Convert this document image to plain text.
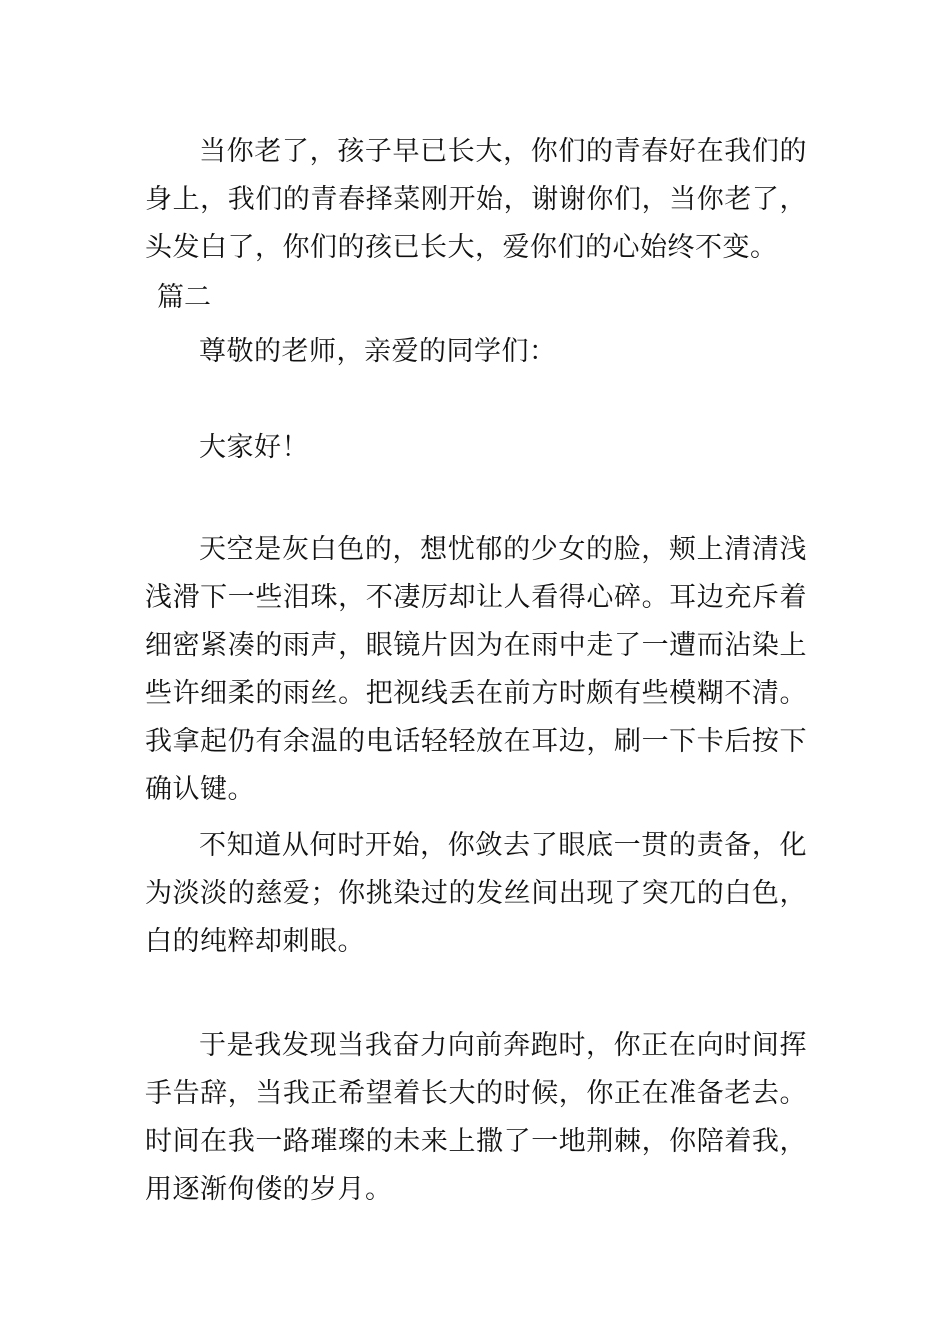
当你老了，孩子早已长大，你们的青春好在我们的身上，我们的青春择菜刚开始，谢谢你们，当你老了，头发白了，你们的孩已长大，爱你们的心始终不变。

篇二

尊敬的老师，亲爱的同学们：

大家好！

天空是灰白色的，想忧郁的少女的脸，颊上清清浅浅滑下一些泪珠，不凄厉却让人看得心碎。耳边充斥着细密紧凑的雨声，眼镜片因为在雨中走了一遭而沾染上些许细柔的雨丝。把视线丢在前方时颇有些模糊不清。我拿起仍有余温的电话轻轻放在耳边，刷一下卡后按下确认键。

不知道从何时开始，你敛去了眼底一贯的责备，化为淡淡的慈爱；你挑染过的发丝间出现了突兀的白色，白的纯粹却刺眼。

于是我发现当我奋力向前奔跑时，你正在向时间挥手告辞，当我正希望着长大的时候，你正在准备老去。时间在我一路璀璨的未来上撒了一地荆棘，你陪着我，用逐渐佝偻的岁月。
